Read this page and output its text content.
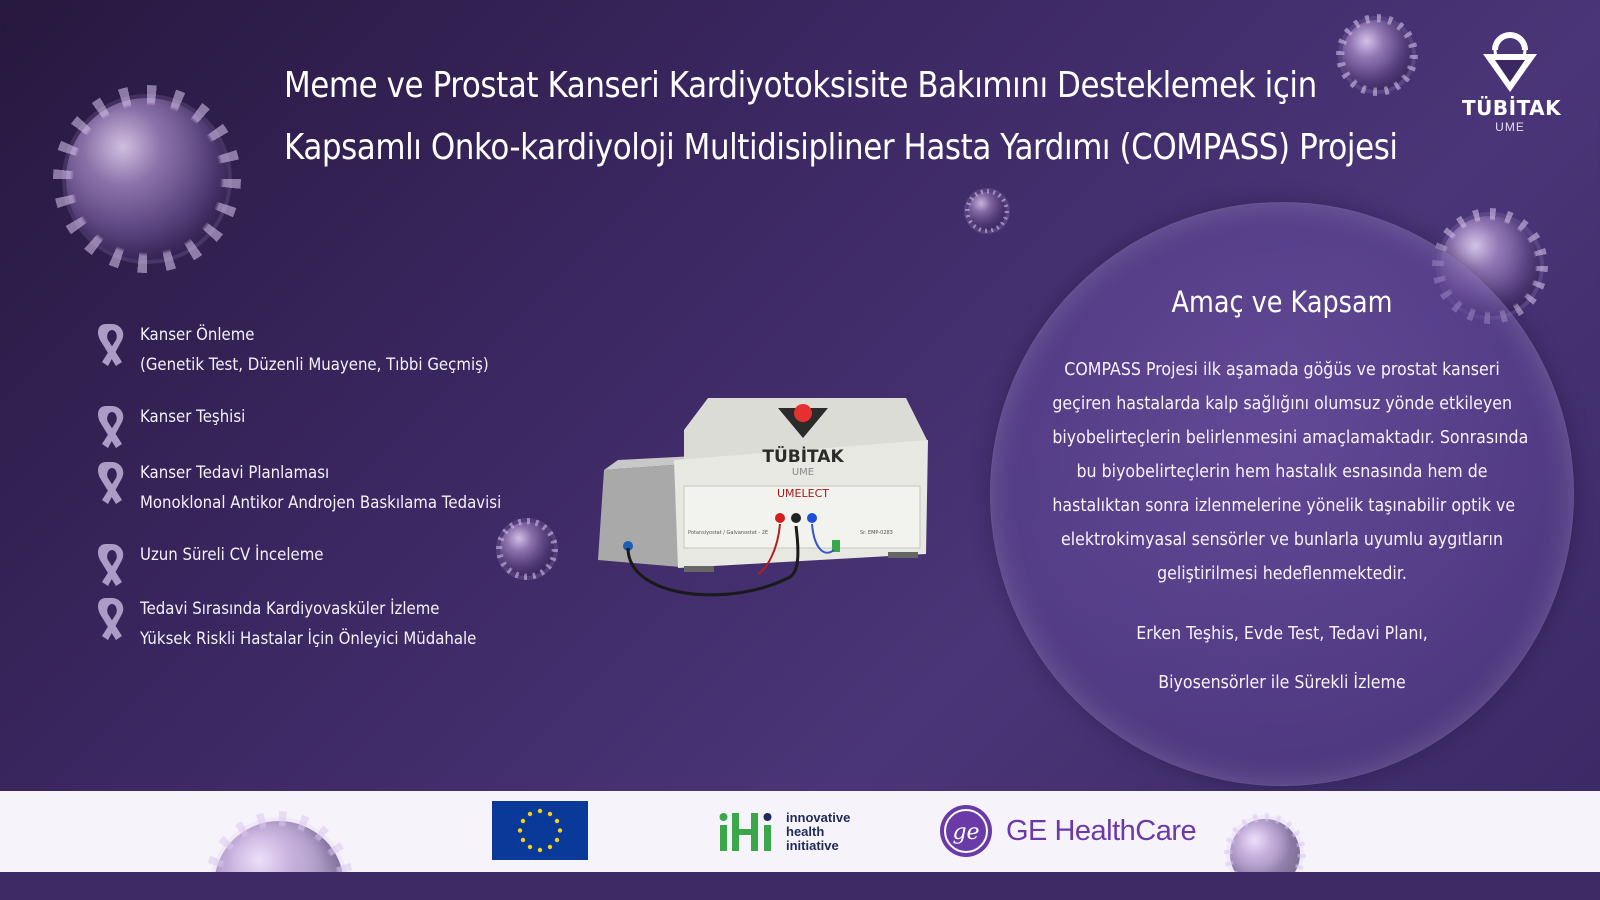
Meme ve Prostat Kanseri Kardiyotoksisite Bakımını Desteklemek için
Kapsamlı Onko-kardiyoloji Multidisipliner Hasta Yardımı (COMPASS) Projesi
TÜBİTAK
UME
Kanser Önleme
(Genetik Test, Düzenli Muayene, Tıbbi Geçmiş)
Kanser Teşhisi
Kanser Tedavi Planlaması
Monoklonal Antikor Androjen Baskılama Tedavisi
Uzun Süreli CV İnceleme
Tedavi Sırasında Kardiyovasküler İzleme
Yüksek Riskli Hastalar İçin Önleyici Müdahale
TÜBİTAK
UME
UMELECT
Potansiyostat / Galvanostat - 2E	Sr. EMP-0283
Amaç ve Kapsam
COMPASS Projesi ilk aşamada göğüs ve prostat kanseri
geçiren hastalarda kalp sağlığını olumsuz yönde etkileyen
biyobelirteçlerin belirlenmesini amaçlamaktadır. Sonrasında
bu biyobelirteçlerin hem hastalık esnasında hem de
hastalıktan sonra izlenmelerine yönelik taşınabilir optik ve
elektrokimyasal sensörler ve bunlarla uyumlu aygıtların
geliştirilmesi hedeflenmektedir.
Erken Teşhis, Evde Test, Tedavi Planı,
Biyosensörler ile Sürekli İzleme
innovative
health
initiative
ge GE HealthCare
